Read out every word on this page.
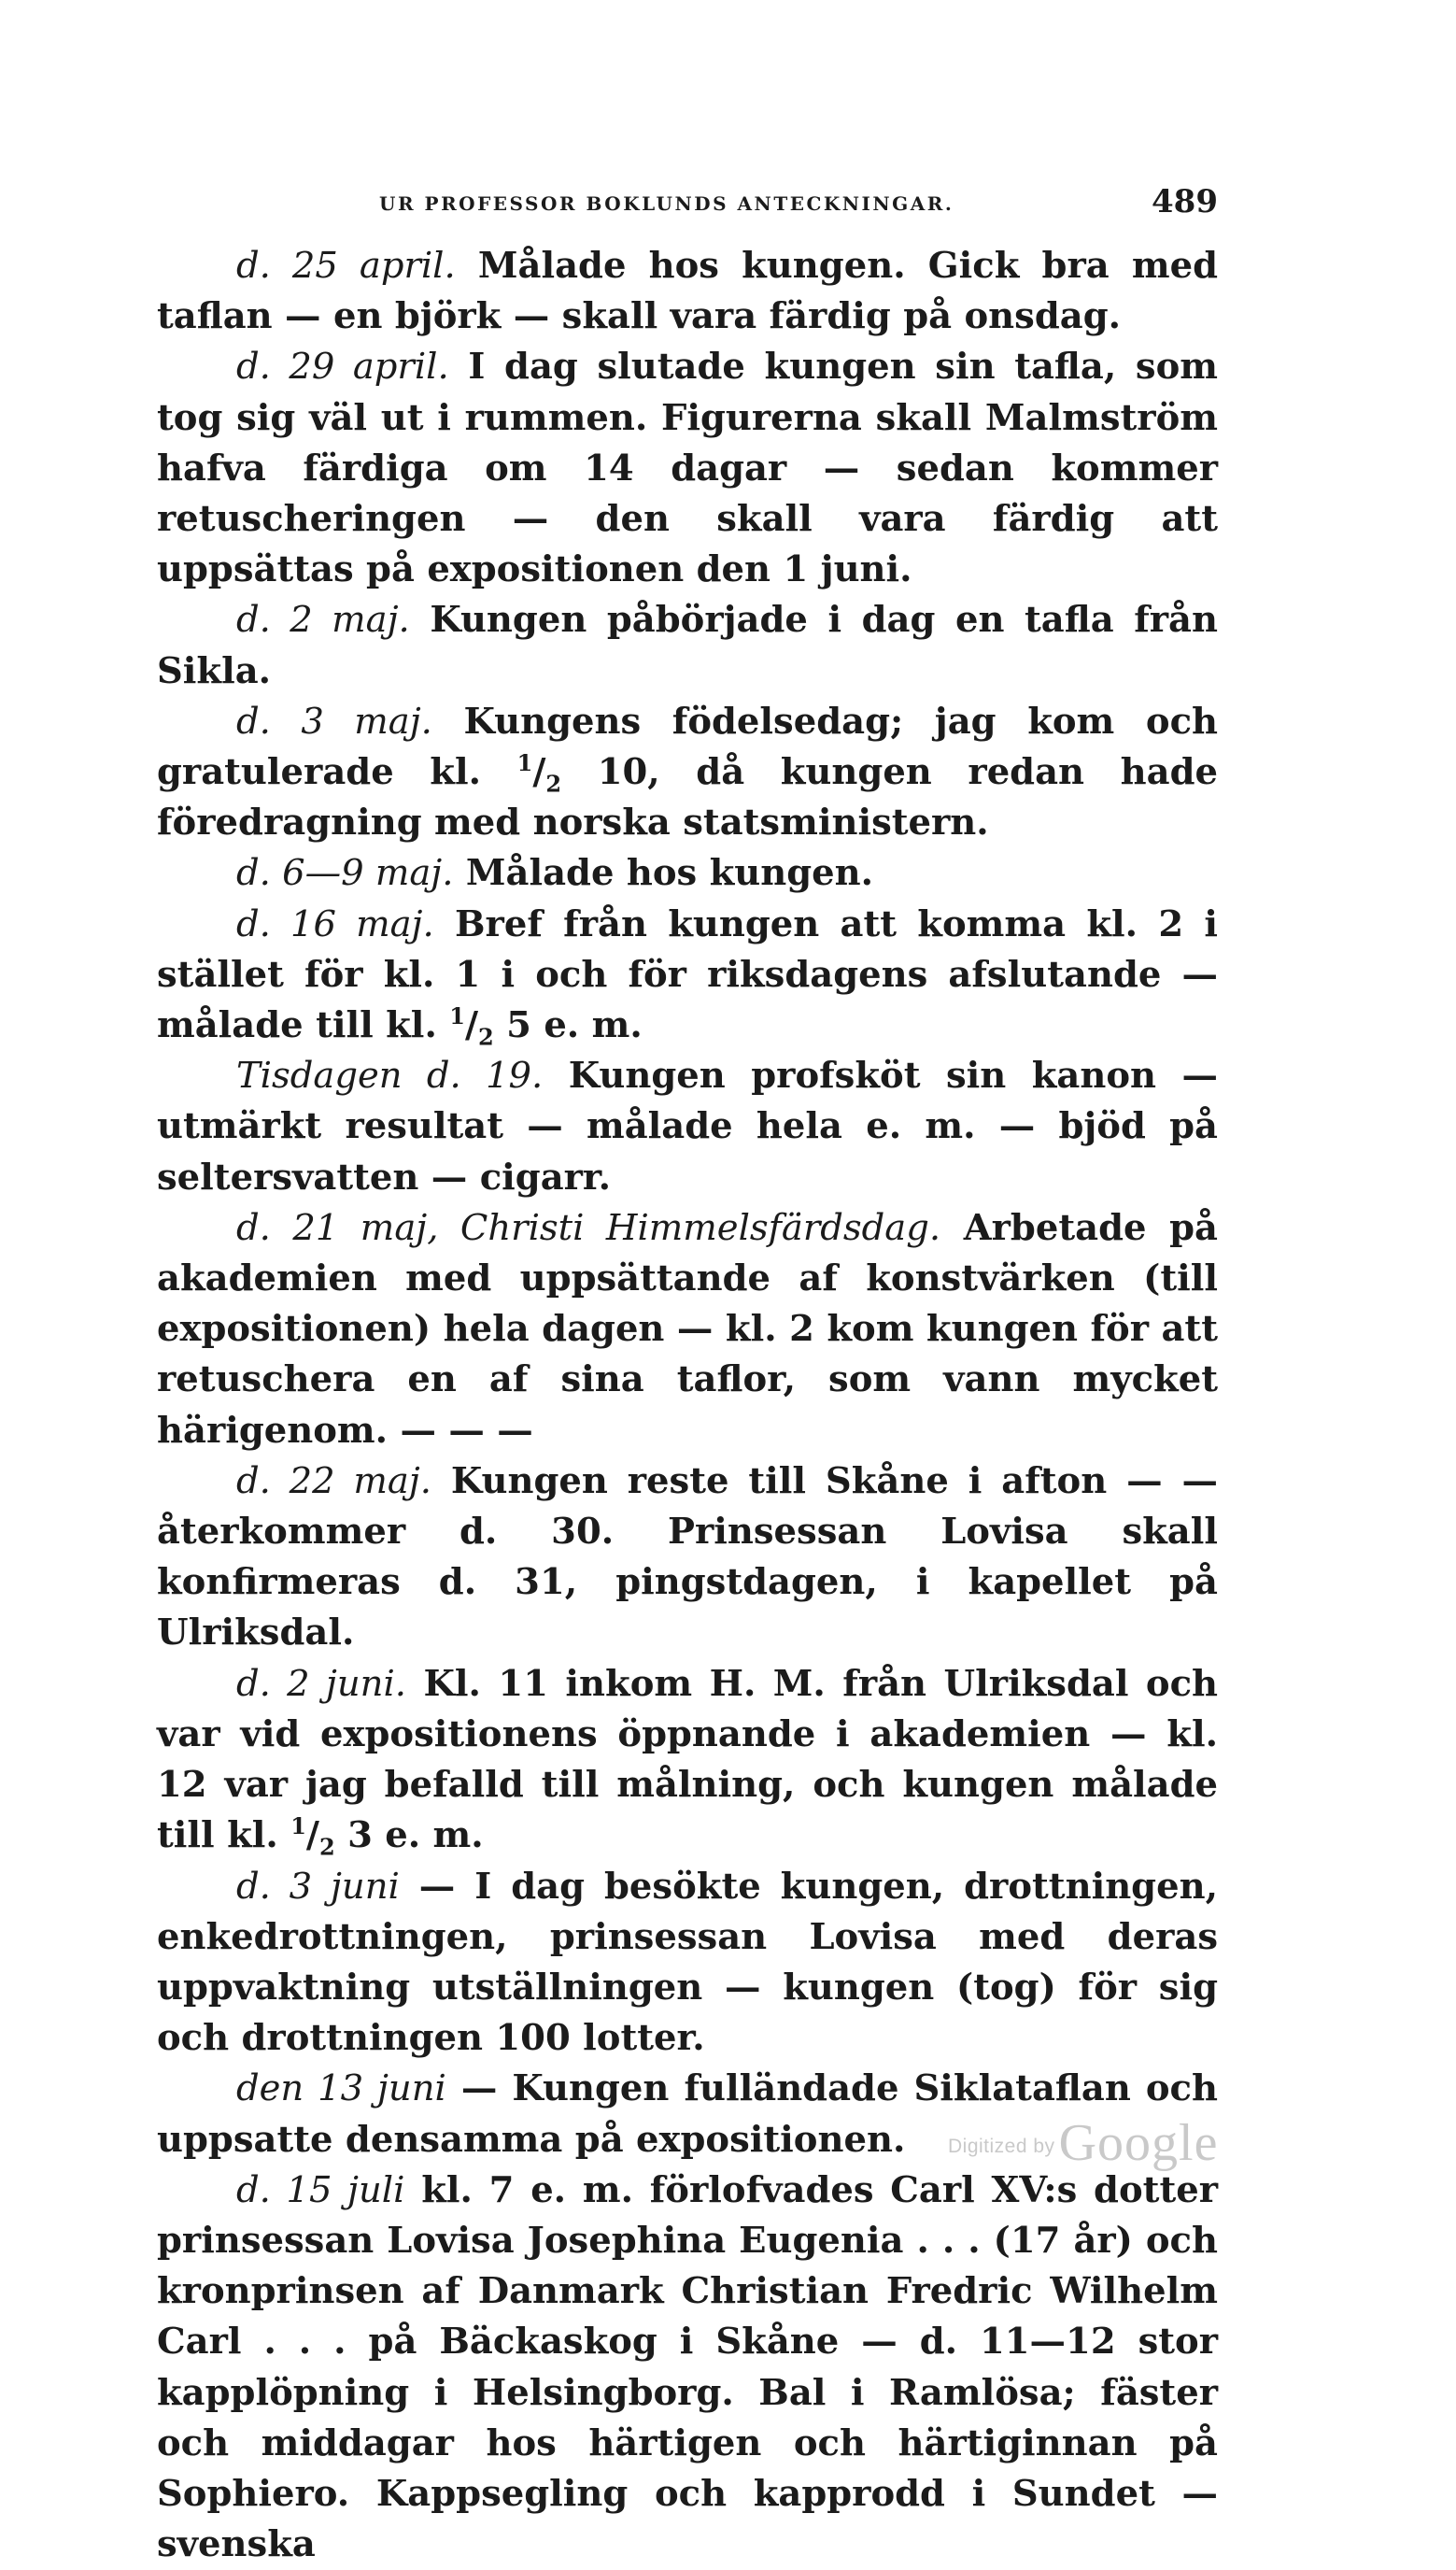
UR PROFESSOR BOKLUNDS ANTECKNINGAR.	489

d. 25 april. Målade hos kungen. Gick bra med taflan — en björk — skall vara färdig på onsdag.

d. 29 april. I dag slutade kungen sin tafla, som tog sig väl ut i rummen. Figurerna skall Malmström hafva färdiga om 14 dagar — sedan kommer retuscheringen — den skall vara färdig att uppsättas på expositionen den 1 juni.

d. 2 maj. Kungen påbörjade i dag en tafla från Sikla.

d. 3 maj. Kungens födelsedag; jag kom och gratulerade kl. $^1/_2$ 10, då kungen redan hade föredragning med norska statsministern.

d. 6—9 maj. Målade hos kungen.

d. 16 maj. Bref från kungen att komma kl. 2 i stället för kl. 1 i och för riksdagens afslutande — målade till kl. $^1/_2$ 5 e. m.

Tisdagen d. 19. Kungen profsköt sin kanon — utmärkt resultat — målade hela e. m. — bjöd på seltersvatten — cigarr.

d. 21 maj, Christi Himmelsfärdsdag. Arbetade på akademien med uppsättande af konstvärken (till expositionen) hela dagen — kl. 2 kom kungen för att retuschera en af sina taflor, som vann mycket härigenom. — — —

d. 22 maj. Kungen reste till Skåne i afton — — återkommer d. 30. Prinsessan Lovisa skall konfirmeras d. 31, pingstdagen, i kapellet på Ulriksdal.

d. 2 juni. Kl. 11 inkom H. M. från Ulriksdal och var vid expositionens öppnande i akademien — kl. 12 var jag befalld till målning, och kungen målade till kl. $^1/_2$ 3 e. m.

d. 3 juni — I dag besökte kungen, drottningen, enkedrottningen, prinsessan Lovisa med deras uppvaktning utställningen — kungen (tog) för sig och drottningen 100 lotter.

den 13 juni — Kungen fulländade Siklataflan och uppsatte densamma på expositionen.

d. 15 juli kl. 7 e. m. förlofvades Carl XV:s dotter prinsessan Lovisa Josephina Eugenia . . . (17 år) och kronprinsen af Danmark Christian Fredric Wilhelm Carl . . . på Bäckaskog i Skåne — d. 11—12 stor kapplöpning i Helsingborg. Bal i Ramlösa; fäster och middagar hos härtigen och härtiginnan på Sophiero. Kappsegling och kapprodd i Sundet — svenska

Digitized by Google
